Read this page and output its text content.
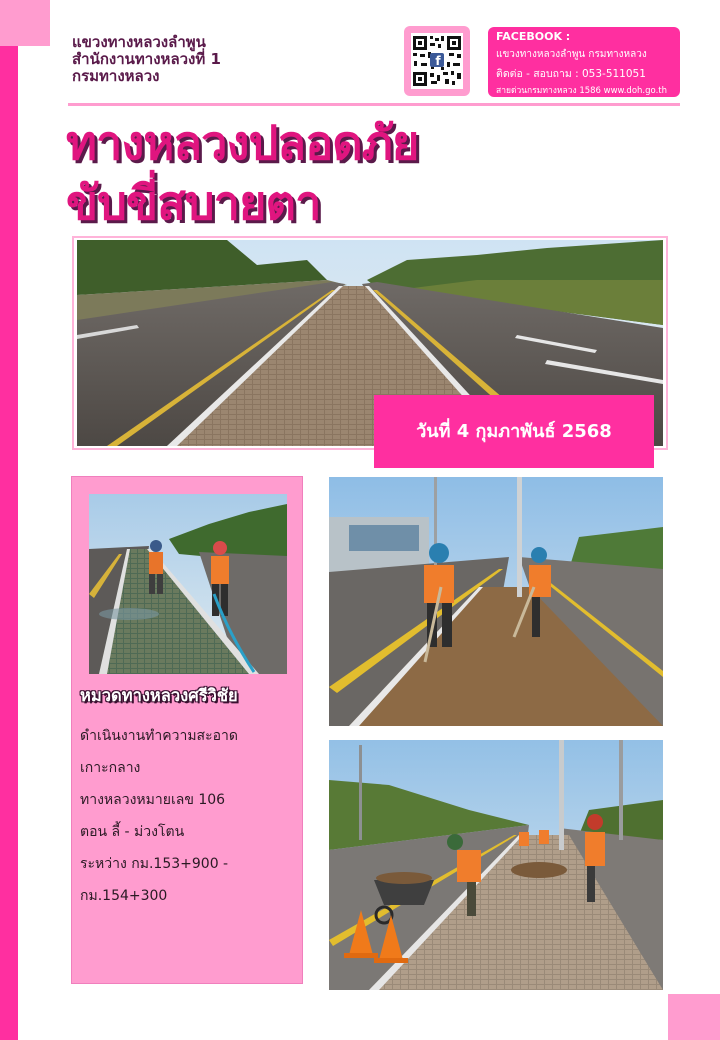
แขวงทางหลวงลำพูน
สำนักงานทางหลวงที่ 1
กรมทางหลวง
f
FACEBOOK :
แขวงทางหลวงลำพูน กรมทางหลวง
ติดต่อ - สอบถาม : 053-511051
สายด่วนกรมทางหลวง 1586 www.doh.go.th
ทางหลวงปลอดภัย
ขับขี่สบายตา
วันที่ 4 กุมภาพันธ์ 2568
หมวดทางหลวงศรีวิชัย
ดำเนินงานทำความสะอาด
เกาะกลาง
ทางหลวงหมายเลข 106
ตอน ลี้ - ม่วงโตน
ระหว่าง กม.153+900 -
กม.154+300
